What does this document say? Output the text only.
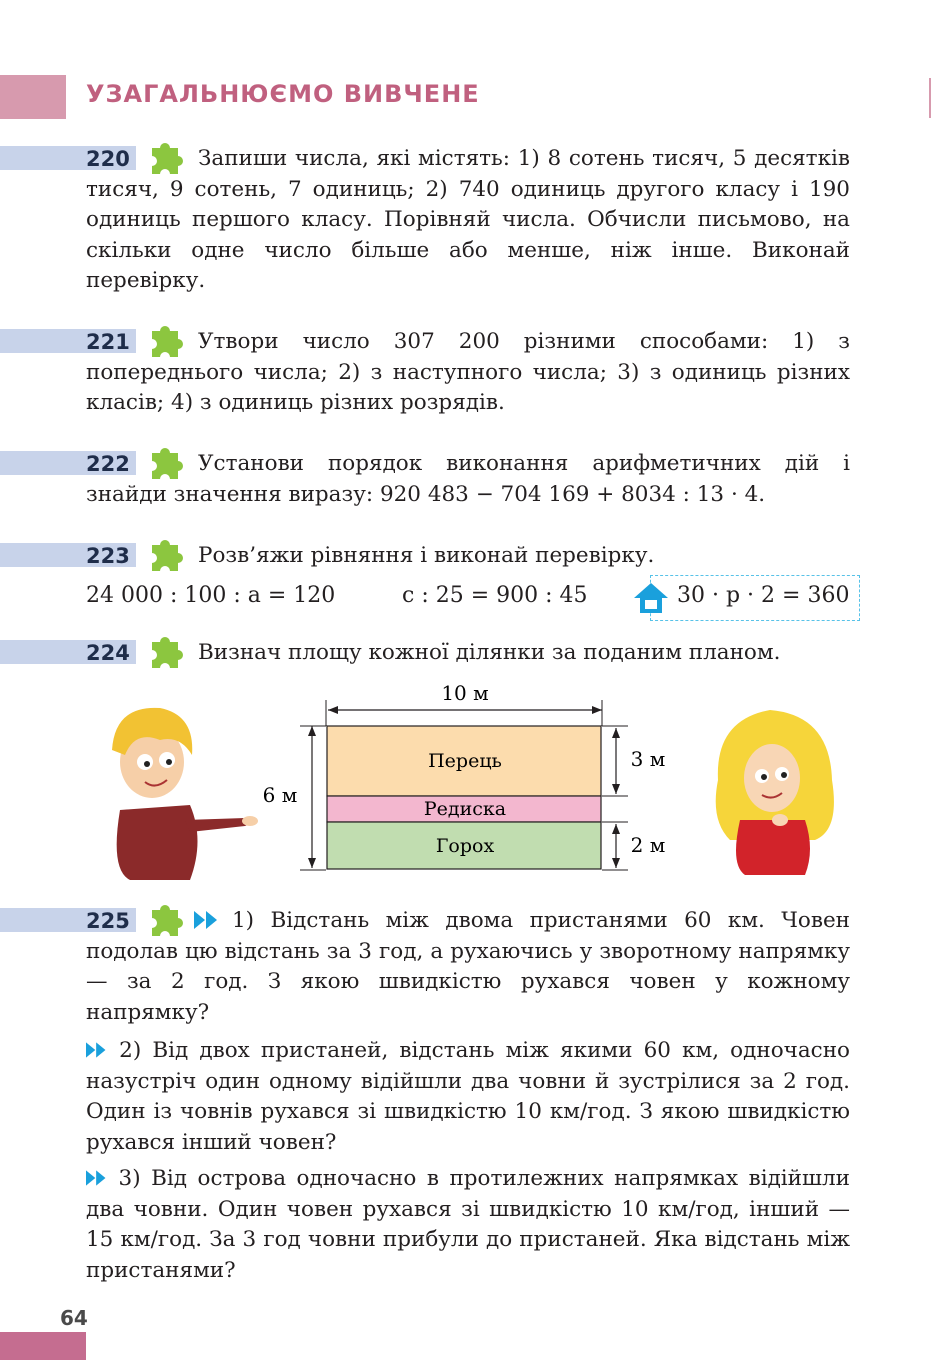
УЗАГАЛЬНЮЄМО ВИВЧЕНЕ
220	Запиши числа, які містять: 1) 8 сотень тисяч, 5 десятків тисяч, 9 сотень, 7 одиниць; 2) 740 одиниць другого класу і 190 одиниць першого класу. Порівняй числа. Обчисли письмово, на скільки одне число більше або менше, ніж інше. Виконай перевірку.
221	Утвори число 307 200 різними способами: 1) з попереднього числа; 2) з наступного числа; 3) з одиниць різних класів; 4) з одиниць різних розрядів.
222	Установи порядок виконання арифметичних дій і знайди значення виразу: 920 483 − 704 169 + 8034 : 13 · 4.
223	Розв’яжи рівняння і виконай перевірку.
24 000 : 100 : a = 120	c : 25 = 900 : 45	30 · p · 2 = 360
224	Визнач площу кожної ділянки за поданим планом.
10 м
6 м
Перець
Редиска
Горох
3 м
2 м
225	1) Відстань між двома пристанями 60 км. Човен подолав цю відстань за 3 год, а рухаючись у зворотному напрямку — за 2 год. З якою швидкістю рухався човен у кожному напрямку?
2) Від двох пристаней, відстань між якими 60 км, одночасно назустріч один одному відійшли два човни й зустрілися за 2 год. Один із човнів рухався зі швидкістю 10 км/год. З якою швидкістю рухався інший човен?
3) Від острова одночасно в протилежних напрямках відійшли два човни. Один човен рухався зі швидкістю 10 км/год, інший — 15 км/год. За 3 год човни прибули до пристаней. Яка відстань між пристанями?
64
